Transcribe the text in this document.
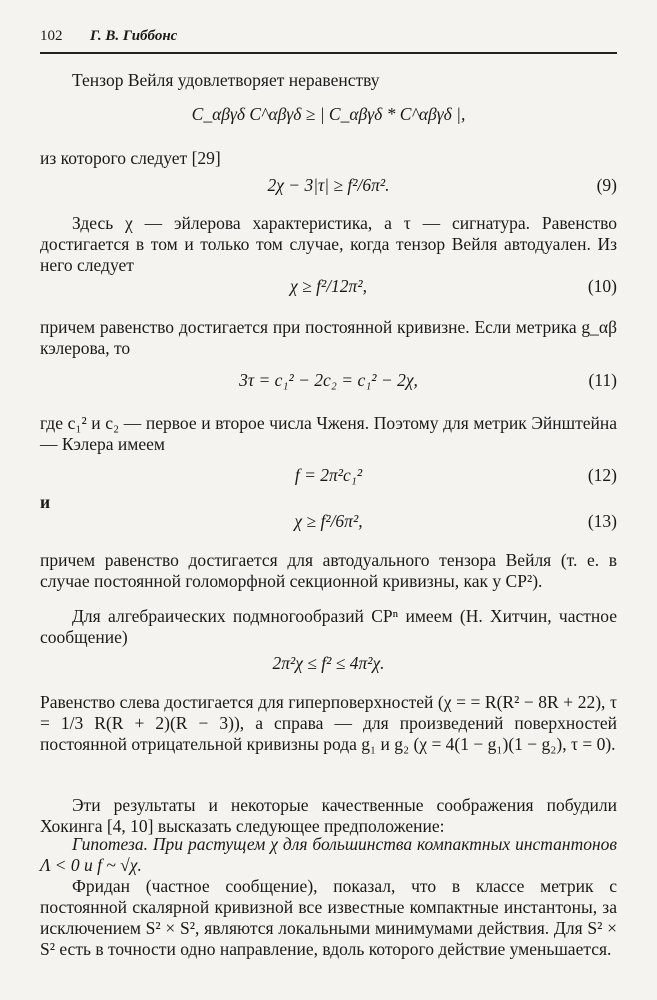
102 Г. В. Гиббонс

Тензор Вейля удовлетворяет неравенству

C_αβγδ C^αβγδ ≥ | C_αβγδ * C^αβγδ |,

из которого следует [29]

2χ − 3|τ| ≥ f²/6π².	(9)

Здесь χ — эйлерова характеристика, а τ — сигнатура. Равенство достигается в том и только том случае, когда тензор Вейля автодуален. Из него следует

χ ≥ f²/12π²,	(10)

причем равенство достигается при постоянной кривизне. Если метрика g_αβ кэлерова, то

3τ = c₁² − 2c₂ = c₁² − 2χ,	(11)

где c₁² и c₂ — первое и второе числа Чженя. Поэтому для метрик Эйнштейна — Кэлера имеем

f = 2π²c₁²	(12)

и

χ ≥ f²/6π²,	(13)

причем равенство достигается для автодуального тензора Вейля (т. е. в случае постоянной голоморфной секционной кривизны, как у CP²).

Для алгебраических подмногообразий CPⁿ имеем (Н. Хитчин, частное сообщение)

2π²χ ≤ f² ≤ 4π²χ.

Равенство слева достигается для гиперповерхностей (χ = = R(R² − 8R + 22), τ = 1/3 R(R + 2)(R − 3)), а справа — для произведений поверхностей постоянной отрицательной кривизны рода g₁ и g₂ (χ = 4(1 − g₁)(1 − g₂), τ = 0).

Эти результаты и некоторые качественные соображения побудили Хокинга [4, 10] высказать следующее предположение:

Гипотеза. При растущем χ для большинства компактных инстантонов Λ < 0 и f ~ √χ.

Фридан (частное сообщение), показал, что в классе метрик с постоянной скалярной кривизной все известные компактные инстантоны, за исключением S² × S², являются локальными минимумами действия. Для S² × S² есть в точности одно направление, вдоль которого действие уменьшается.
